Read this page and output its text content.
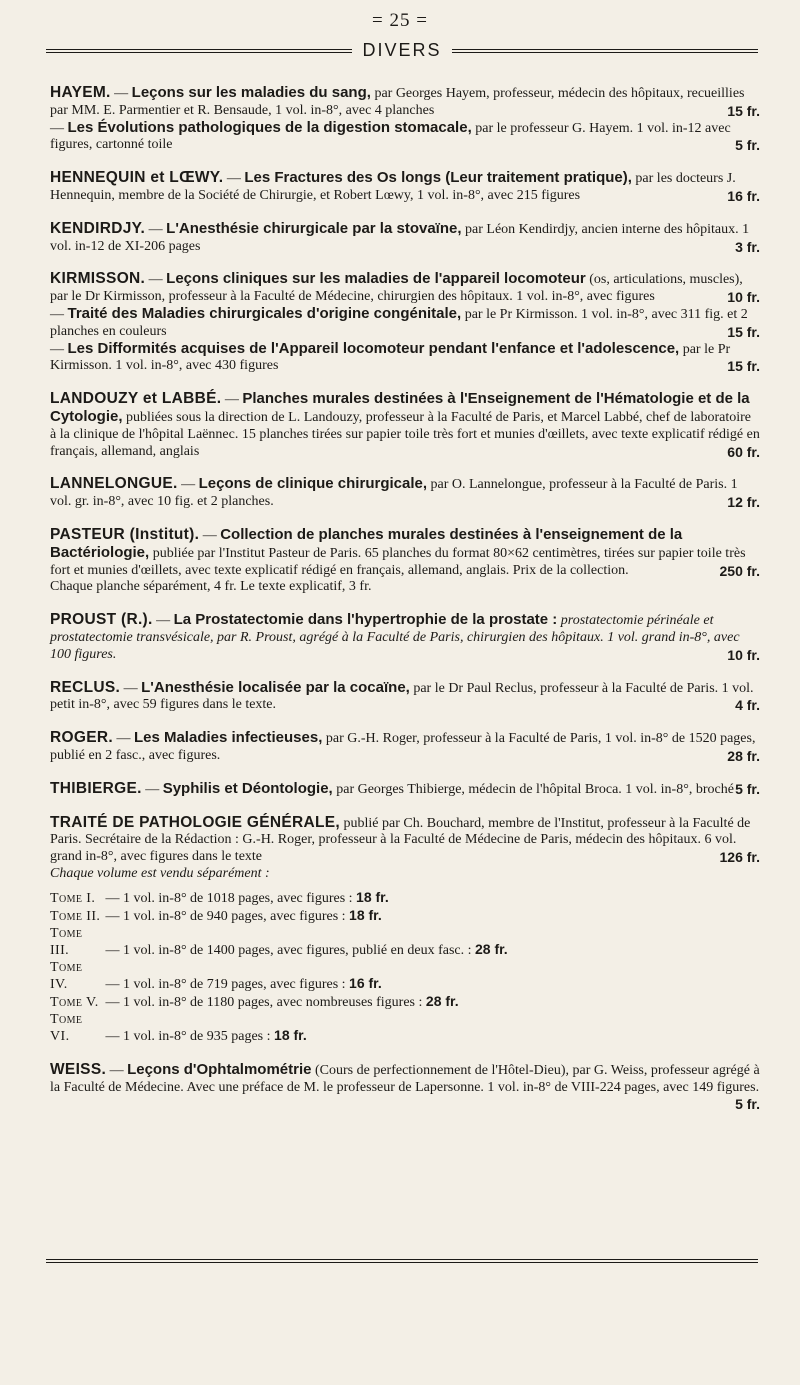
= 25 =
DIVERS

HAYEM. — Leçons sur les maladies du sang, par Georges Hayem, professeur, médecin des hôpitaux, recueillies par MM. E. Parmentier et R. Bensaude, 1 vol. in-8°, avec 4 planches	15 fr.

— Les Évolutions pathologiques de la digestion stomacale, par le professeur G. Hayem. 1 vol. in-12 avec figures, cartonné toile	5 fr.

HENNEQUIN et LŒWY. — Les Fractures des Os longs (Leur traitement pratique), par les docteurs J. Hennequin, membre de la Société de Chirurgie, et Robert Lœwy, 1 vol. in-8°, avec 215 figures	16 fr.

KENDIRDJY. — L'Anesthésie chirurgicale par la stovaïne, par Léon Kendirdjy, ancien interne des hôpitaux. 1 vol. in-12 de XI-206 pages	3 fr.

KIRMISSON. — Leçons cliniques sur les maladies de l'appareil locomoteur (os, articulations, muscles), par le Dr Kirmisson, professeur à la Faculté de Médecine, chirurgien des hôpitaux. 1 vol. in-8°, avec figures	10 fr.

— Traité des Maladies chirurgicales d'origine congénitale, par le Pr Kirmisson. 1 vol. in-8°, avec 311 fig. et 2 planches en couleurs	15 fr.

— Les Difformités acquises de l'Appareil locomoteur pendant l'enfance et l'adolescence, par le Pr Kirmisson. 1 vol. in-8°, avec 430 figures	15 fr.

LANDOUZY et LABBÉ. — Planches murales destinées à l'Enseignement de l'Hématologie et de la Cytologie, publiées sous la direction de L. Landouzy, professeur à la Faculté de Paris, et Marcel Labbé, chef de laboratoire à la clinique de l'hôpital Laënnec. 15 planches tirées sur papier toile très fort et munies d'œillets, avec texte explicatif rédigé en français, allemand, anglais	60 fr.

LANNELONGUE. — Leçons de clinique chirurgicale, par O. Lannelongue, professeur à la Faculté de Paris. 1 vol. gr. in-8°, avec 10 fig. et 2 planches.	12 fr.

PASTEUR (Institut). — Collection de planches murales destinées à l'enseignement de la Bactériologie, publiée par l'Institut Pasteur de Paris. 65 planches du format 80×62 centimètres, tirées sur papier toile très fort et munies d'œillets, avec texte explicatif rédigé en français, allemand, anglais. Prix de la collection.	250 fr.

Chaque planche séparément, 4 fr. Le texte explicatif, 3 fr.

PROUST (R.). — La Prostatectomie dans l'hypertrophie de la prostate : prostatectomie périnéale et prostatectomie transvésicale, par R. Proust, agrégé à la Faculté de Paris, chirurgien des hôpitaux. 1 vol. grand in-8°, avec 100 figures.	10 fr.

RECLUS. — L'Anesthésie localisée par la cocaïne, par le Dr Paul Reclus, professeur à la Faculté de Paris. 1 vol. petit in-8°, avec 59 figures dans le texte.	4 fr.

ROGER. — Les Maladies infectieuses, par G.-H. Roger, professeur à la Faculté de Paris, 1 vol. in-8° de 1520 pages, publié en 2 fasc., avec figures.	28 fr.

THIBIERGE. — Syphilis et Déontologie, par Georges Thibierge, médecin de l'hôpital Broca. 1 vol. in-8°, broché 5 fr.

TRAITÉ DE PATHOLOGIE GÉNÉRALE, publié par Ch. Bouchard, membre de l'Institut, professeur à la Faculté de Paris. Secrétaire de la Rédaction : G.-H. Roger, professeur à la Faculté de Médecine de Paris, médecin des hôpitaux. 6 vol. grand in-8°, avec figures dans le texte	126 fr.

Chaque volume est vendu séparément :

Tome I. — 1 vol. in-8° de 1018 pages, avec figures : 18 fr.

Tome II. — 1 vol. in-8° de 940 pages, avec figures : 18 fr.

Tome III.	— 1 vol. in-8° de 1400 pages, avec figures, publié en deux fasc. : 28 fr.

Tome IV.	— 1 vol. in-8° de 719 pages, avec figures : 16 fr.

Tome V. — 1 vol. in-8° de 1180 pages, avec nombreuses figures : 28 fr.

Tome VI.	— 1 vol. in-8° de 935 pages : 18 fr.

WEISS. — Leçons d'Ophtalmométrie (Cours de perfectionnement de l'Hôtel-Dieu), par G. Weiss, professeur agrégé à la Faculté de Médecine. Avec une préface de M. le professeur de Lapersonne. 1 vol. in-8° de VIII-224 pages, avec 149 figures.
5 fr.
